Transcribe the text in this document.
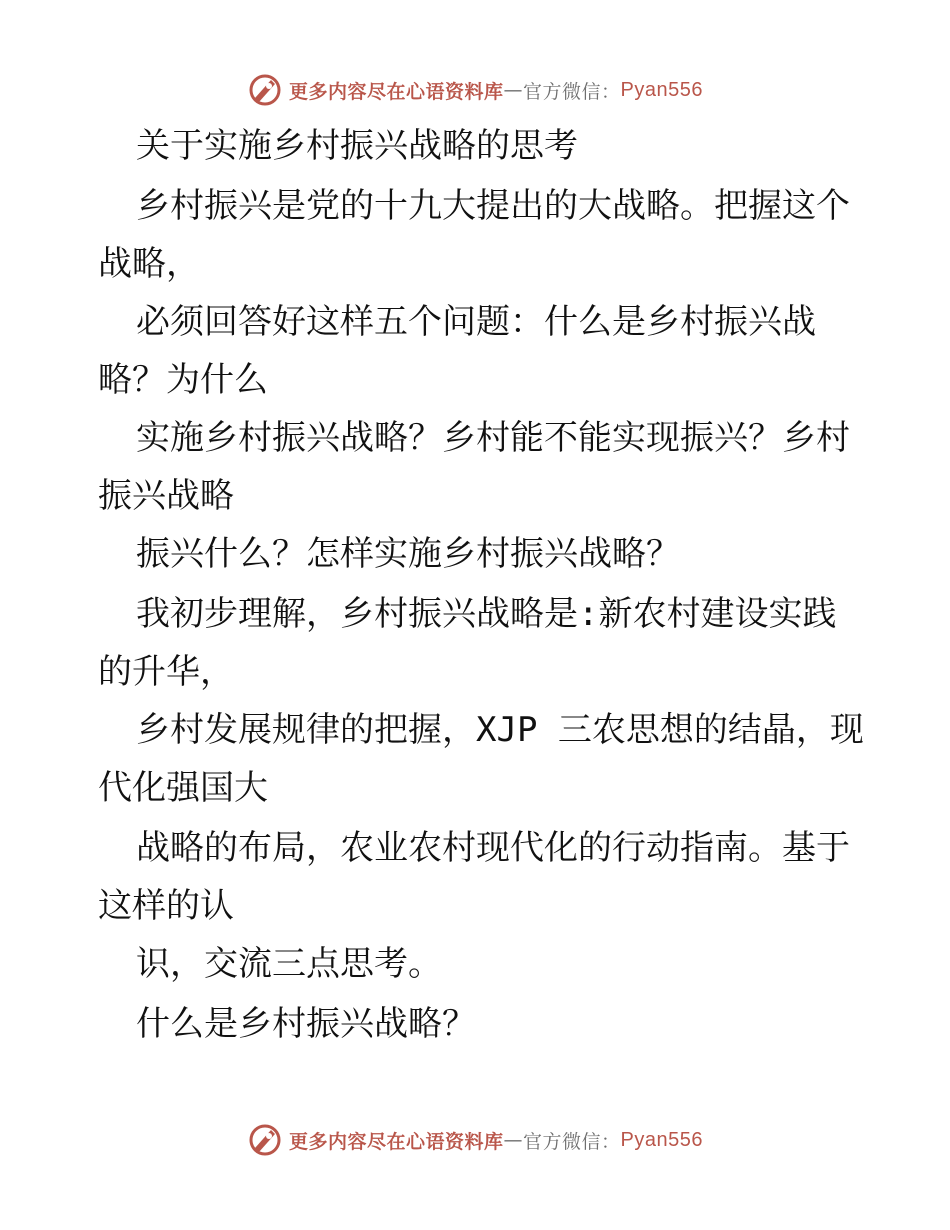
更多内容尽在心语资料库 — 官方微信： Pyan556
关于实施乡村振兴战略的思考
乡村振兴是党的十九大提出的大战略。把握这个
战略，
必须回答好这样五个问题：什么是乡村振兴战
略？为什么
实施乡村振兴战略？乡村能不能实现振兴？乡村
振兴战略
振兴什么？怎样实施乡村振兴战略？
我初步理解，乡村振兴战略是:新农村建设实践
的升华，
乡村发展规律的把握，XJP 三农思想的结晶，现
代化强国大
战略的布局，农业农村现代化的行动指南。基于
这样的认
识，交流三点思考。
什么是乡村振兴战略？
更多内容尽在心语资料库 — 官方微信： Pyan556
